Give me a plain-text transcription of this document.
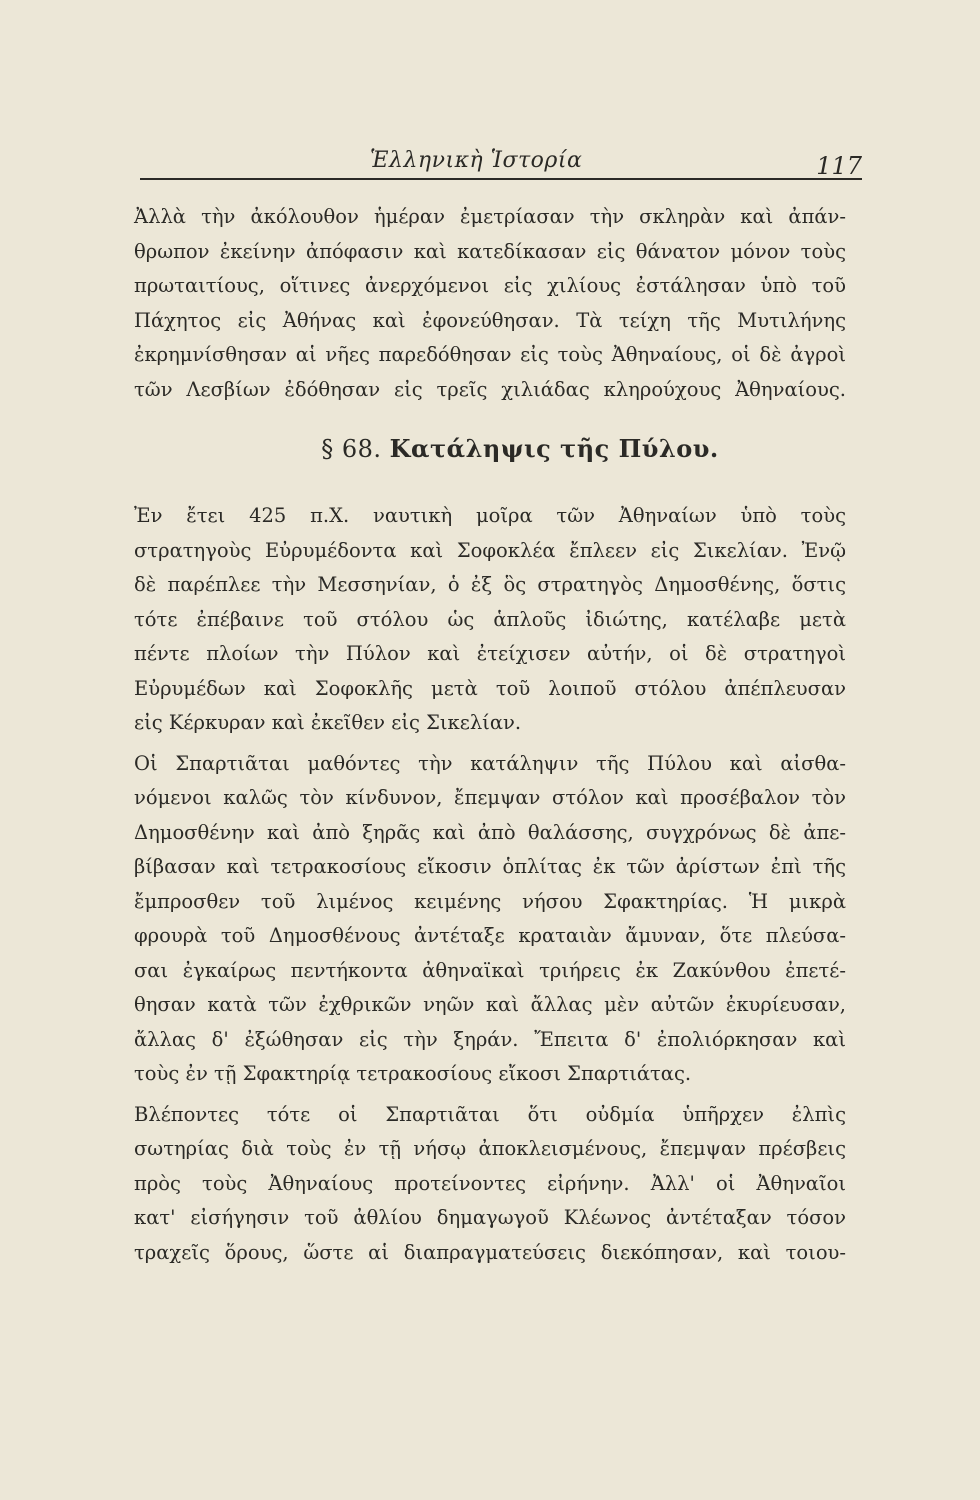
Ἑλληνικὴ Ἱστορία	117
Ἀλλὰ τὴν ἀκόλουθον ἡμέραν ἐμετρίασαν τὴν σκληρὰν καὶ ἀπάν-
θρωπον ἐκείνην ἀπόφασιν καὶ κατεδίκασαν εἰς θάνατον μόνον τοὺς
πρωταιτίους, οἵτινες ἀνερχόμενοι εἰς χιλίους ἐστάλησαν ὑπὸ τοῦ
Πάχητος εἰς Ἀθήνας καὶ ἐφονεύθησαν. Τὰ τείχη τῆς Μυτιλήνης
ἐκρημνίσθησαν αἱ νῆες παρεδόθησαν εἰς τοὺς Ἀθηναίους, οἱ δὲ ἀγροὶ
τῶν Λεσβίων ἐδόθησαν εἰς τρεῖς χιλιάδας κληρούχους Ἀθηναίους.
§ 68. Κατάληψις τῆς Πύλου.
Ἐν ἔτει 425 π.Χ. ναυτικὴ μοῖρα τῶν Ἀθηναίων ὑπὸ τοὺς
στρατηγοὺς Εὐρυμέδοντα καὶ Σοφοκλέα ἔπλεεν εἰς Σικελίαν. Ἐνῷ
δὲ παρέπλεε τὴν Μεσσηνίαν, ὁ ἐξ ὃς στρατηγὸς Δημοσθένης, ὅστις
τότε ἐπέβαινε τοῦ στόλου ὡς ἁπλοῦς ἰδιώτης, κατέλαβε μετὰ
πέντε πλοίων τὴν Πύλον καὶ ἐτείχισεν αὐτήν, οἱ δὲ στρατηγοὶ
Εὐρυμέδων καὶ Σοφοκλῆς μετὰ τοῦ λοιποῦ στόλου ἀπέπλευσαν
εἰς Κέρκυραν καὶ ἐκεῖθεν εἰς Σικελίαν.
Οἱ Σπαρτιᾶται μαθόντες τὴν κατάληψιν τῆς Πύλου καὶ αἰσθα-
νόμενοι καλῶς τὸν κίνδυνον, ἔπεμψαν στόλον καὶ προσέβαλον τὸν
Δημοσθένην καὶ ἀπὸ ξηρᾶς καὶ ἀπὸ θαλάσσης, συγχρόνως δὲ ἀπε-
βίβασαν καὶ τετρακοσίους εἴκοσιν ὁπλίτας ἐκ τῶν ἀρίστων ἐπὶ τῆς
ἔμπροσθεν τοῦ λιμένος κειμένης νήσου Σφακτηρίας. Ἡ μικρὰ
φρουρὰ τοῦ Δημοσθένους ἀντέταξε κραταιὰν ἄμυναν, ὅτε πλεύσα-
σαι ἐγκαίρως πεντήκοντα ἀθηναϊκαὶ τριήρεις ἐκ Ζακύνθου ἐπετέ-
θησαν κατὰ τῶν ἐχθρικῶν νηῶν καὶ ἄλλας μὲν αὐτῶν ἐκυρίευσαν,
ἄλλας δ' ἐξώθησαν εἰς τὴν ξηράν. Ἔπειτα δ' ἐπολιόρκησαν καὶ
τοὺς ἐν τῇ Σφακτηρίᾳ τετρακοσίους εἴκοσι Σπαρτιάτας.
Βλέποντες τότε οἱ Σπαρτιᾶται ὅτι οὐδμία ὑπῆρχεν ἐλπὶς
σωτηρίας διὰ τοὺς ἐν τῇ νήσῳ ἀποκλεισμένους, ἔπεμψαν πρέσβεις
πρὸς τοὺς Ἀθηναίους προτείνοντες εἰρήνην. Ἀλλ' οἱ Ἀθηναῖοι
κατ' εἰσήγησιν τοῦ ἀθλίου δημαγωγοῦ Κλέωνος ἀντέταξαν τόσον
τραχεῖς ὅρους, ὥστε αἱ διαπραγματεύσεις διεκόπησαν, καὶ τοιου-
